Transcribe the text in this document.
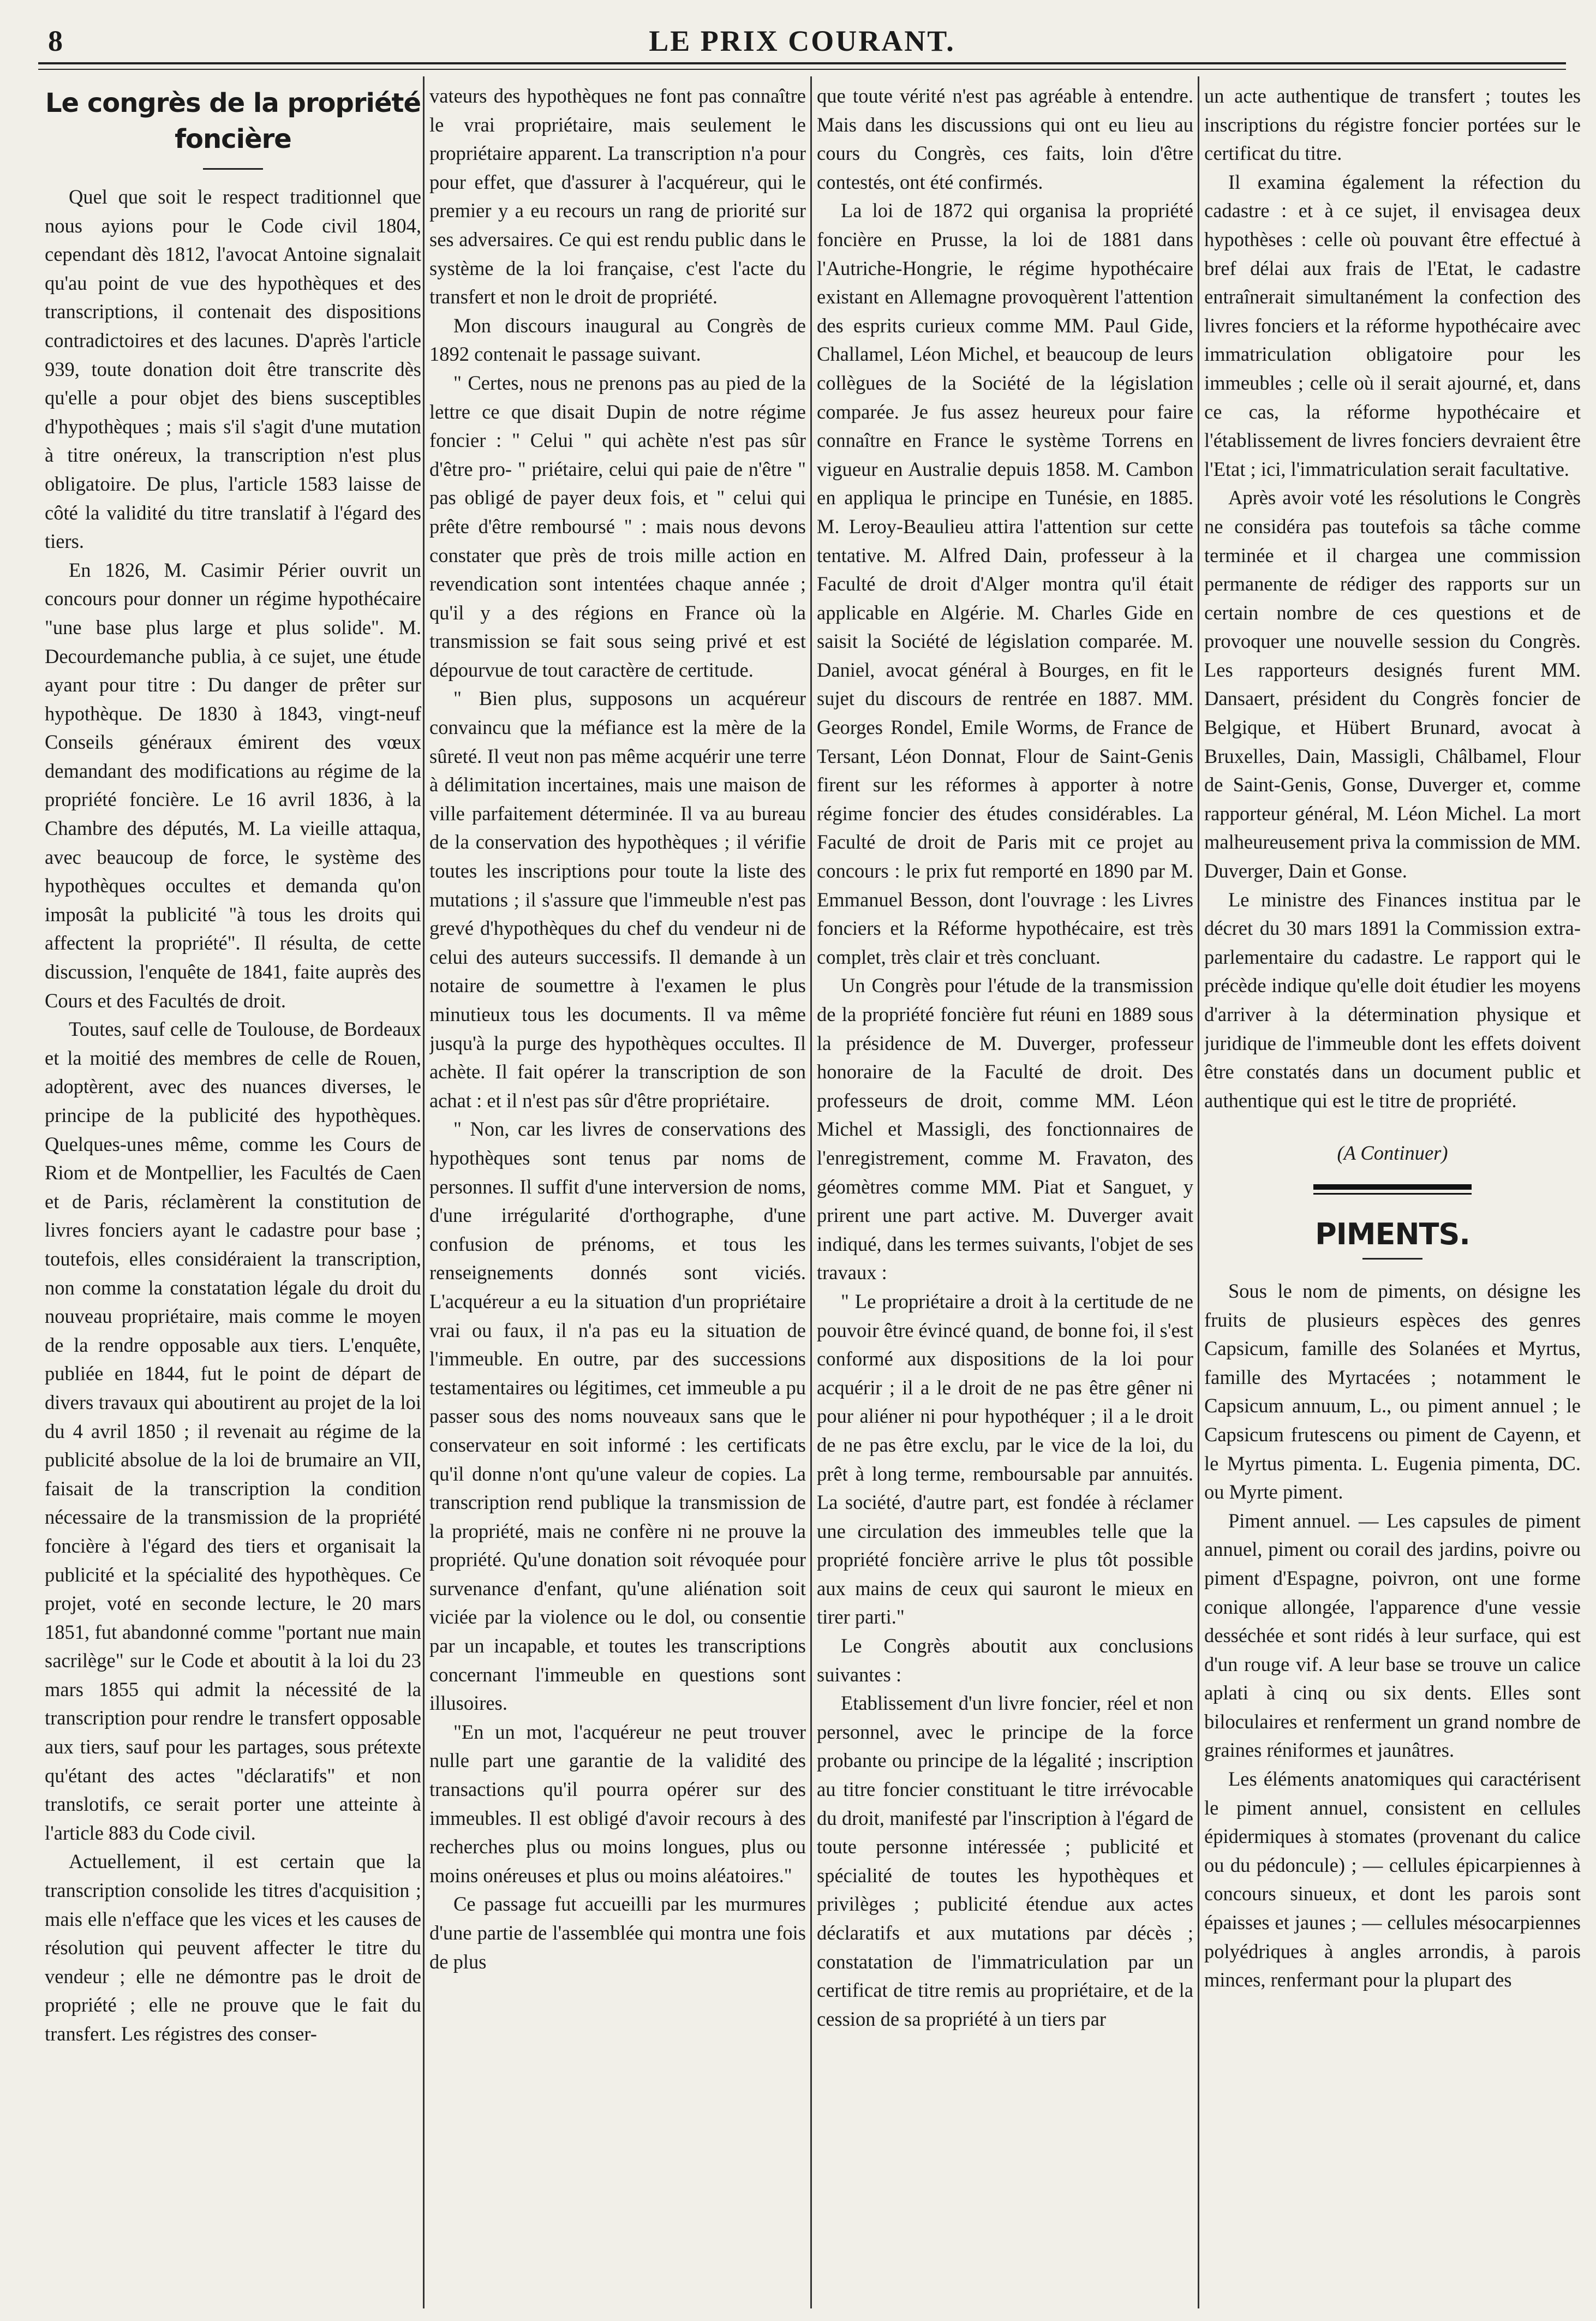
8	LE PRIX COURANT.
Le congrès de la propriété foncière

Quel que soit le respect traditionnel que nous ayions pour le Code civil 1804, cependant dès 1812, l'avocat Antoine signalait qu'au point de vue des hypothèques et des transcriptions, il contenait des dispositions contradictoires et des lacunes. D'après l'article 939, toute donation doit être transcrite dès qu'elle a pour objet des biens susceptibles d'hypothèques ; mais s'il s'agit d'une mutation à titre onéreux, la transcription n'est plus obligatoire. De plus, l'article 1583 laisse de côté la validité du titre translatif à l'égard des tiers.

En 1826, M. Casimir Périer ouvrit un concours pour donner un régime hypothécaire "une base plus large et plus solide". M. Decourdemanche publia, à ce sujet, une étude ayant pour titre : Du danger de prêter sur hypothèque. De 1830 à 1843, vingt-neuf Conseils généraux émirent des vœux demandant des modifications au régime de la propriété foncière. Le 16 avril 1836, à la Chambre des députés, M. La vieille attaqua, avec beaucoup de force, le système des hypothèques occultes et demanda qu'on imposât la publicité "à tous les droits qui affectent la propriété". Il résulta, de cette discussion, l'enquête de 1841, faite auprès des Cours et des Facultés de droit.

Toutes, sauf celle de Toulouse, de Bordeaux et la moitié des membres de celle de Rouen, adoptèrent, avec des nuances diverses, le principe de la publicité des hypothèques. Quelques-unes même, comme les Cours de Riom et de Montpellier, les Facultés de Caen et de Paris, réclamèrent la constitution de livres fonciers ayant le cadastre pour base ; toutefois, elles considéraient la transcription, non comme la constatation légale du droit du nouveau propriétaire, mais comme le moyen de la rendre opposable aux tiers. L'enquête, publiée en 1844, fut le point de départ de divers travaux qui aboutirent au projet de la loi du 4 avril 1850 ; il revenait au régime de la publicité absolue de la loi de brumaire an VII, faisait de la transcription la condition nécessaire de la transmission de la propriété foncière à l'égard des tiers et organisait la publicité et la spécialité des hypothèques. Ce projet, voté en seconde lecture, le 20 mars 1851, fut abandonné comme "portant nue main sacrilège" sur le Code et aboutit à la loi du 23 mars 1855 qui admit la nécessité de la transcription pour rendre le transfert opposable aux tiers, sauf pour les partages, sous prétexte qu'étant des actes "déclaratifs" et non translotifs, ce serait porter une atteinte à l'article 883 du Code civil.

Actuellement, il est certain que la transcription consolide les titres d'acquisition ; mais elle n'efface que les vices et les causes de résolution qui peuvent affecter le titre du vendeur ; elle ne démontre pas le droit de propriété ; elle ne prouve que le fait du transfert. Les régistres des conser-

vateurs des hypothèques ne font pas connaître le vrai propriétaire, mais seulement le propriétaire apparent. La transcription n'a pour pour effet, que d'assurer à l'acquéreur, qui le premier y a eu recours un rang de priorité sur ses adversaires. Ce qui est rendu public dans le système de la loi française, c'est l'acte du transfert et non le droit de propriété.

Mon discours inaugural au Congrès de 1892 contenait le passage suivant.

" Certes, nous ne prenons pas au pied de la lettre ce que disait Dupin de notre régime foncier : " Celui " qui achète n'est pas sûr d'être pro- " priétaire, celui qui paie de n'être " pas obligé de payer deux fois, et " celui qui prête d'être remboursé " : mais nous devons constater que près de trois mille action en revendication sont intentées chaque année ; qu'il y a des régions en France où la transmission se fait sous seing privé et est dépourvue de tout caractère de certitude.

" Bien plus, supposons un acquéreur convaincu que la méfiance est la mère de la sûreté. Il veut non pas même acquérir une terre à délimitation incertaines, mais une maison de ville parfaitement déterminée. Il va au bureau de la conservation des hypothèques ; il vérifie toutes les inscriptions pour toute la liste des mutations ; il s'assure que l'immeuble n'est pas grevé d'hypothèques du chef du vendeur ni de celui des auteurs successifs. Il demande à un notaire de soumettre à l'examen le plus minutieux tous les documents. Il va même jusqu'à la purge des hypothèques occultes. Il achète. Il fait opérer la transcription de son achat : et il n'est pas sûr d'être propriétaire.

" Non, car les livres de conservations des hypothèques sont tenus par noms de personnes. Il suffit d'une interversion de noms, d'une irrégularité d'orthographe, d'une confusion de prénoms, et tous les renseignements donnés sont viciés. L'acquéreur a eu la situation d'un propriétaire vrai ou faux, il n'a pas eu la situation de l'immeuble. En outre, par des successions testamentaires ou légitimes, cet immeuble a pu passer sous des noms nouveaux sans que le conservateur en soit informé : les certificats qu'il donne n'ont qu'une valeur de copies. La transcription rend publique la transmission de la propriété, mais ne confère ni ne prouve la propriété. Qu'une donation soit révoquée pour survenance d'enfant, qu'une aliénation soit viciée par la violence ou le dol, ou consentie par un incapable, et toutes les transcriptions concernant l'immeuble en questions sont illusoires.

"En un mot, l'acquéreur ne peut trouver nulle part une garantie de la validité des transactions qu'il pourra opérer sur des immeubles. Il est obligé d'avoir recours à des recherches plus ou moins longues, plus ou moins onéreuses et plus ou moins aléatoires."

Ce passage fut accueilli par les murmures d'une partie de l'assemblée qui montra une fois de plus

que toute vérité n'est pas agréable à entendre. Mais dans les discussions qui ont eu lieu au cours du Congrès, ces faits, loin d'être contestés, ont été confirmés.

La loi de 1872 qui organisa la propriété foncière en Prusse, la loi de 1881 dans l'Autriche-Hongrie, le régime hypothécaire existant en Allemagne provoquèrent l'attention des esprits curieux comme MM. Paul Gide, Challamel, Léon Michel, et beaucoup de leurs collègues de la Société de la législation comparée. Je fus assez heureux pour faire connaître en France le système Torrens en vigueur en Australie depuis 1858. M. Cambon en appliqua le principe en Tunésie, en 1885. M. Leroy-Beaulieu attira l'attention sur cette tentative. M. Alfred Dain, professeur à la Faculté de droit d'Alger montra qu'il était applicable en Algérie. M. Charles Gide en saisit la Société de législation comparée. M. Daniel, avocat général à Bourges, en fit le sujet du discours de rentrée en 1887. MM. Georges Rondel, Emile Worms, de France de Tersant, Léon Donnat, Flour de Saint-Genis firent sur les réformes à apporter à notre régime foncier des études considérables. La Faculté de droit de Paris mit ce projet au concours : le prix fut remporté en 1890 par M. Emmanuel Besson, dont l'ouvrage : les Livres fonciers et la Réforme hypothécaire, est très complet, très clair et très concluant.

Un Congrès pour l'étude de la transmission de la propriété foncière fut réuni en 1889 sous la présidence de M. Duverger, professeur honoraire de la Faculté de droit. Des professeurs de droit, comme MM. Léon Michel et Massigli, des fonctionnaires de l'enregistrement, comme M. Fravaton, des géomètres comme MM. Piat et Sanguet, y prirent une part active. M. Duverger avait indiqué, dans les termes suivants, l'objet de ses travaux :

" Le propriétaire a droit à la certitude de ne pouvoir être évincé quand, de bonne foi, il s'est conformé aux dispositions de la loi pour acquérir ; il a le droit de ne pas être gêner ni pour aliéner ni pour hypothéquer ; il a le droit de ne pas être exclu, par le vice de la loi, du prêt à long terme, remboursable par annuités. La société, d'autre part, est fondée à réclamer une circulation des immeubles telle que la propriété foncière arrive le plus tôt possible aux mains de ceux qui sauront le mieux en tirer parti."

Le Congrès aboutit aux conclusions suivantes :

Etablissement d'un livre foncier, réel et non personnel, avec le principe de la force probante ou principe de la légalité ; inscription au titre foncier constituant le titre irrévocable du droit, manifesté par l'inscription à l'égard de toute personne intéressée ; publicité et spécialité de toutes les hypothèques et privilèges ; publicité étendue aux actes déclaratifs et aux mutations par décès ; constatation de l'immatriculation par un certificat de titre remis au propriétaire, et de la cession de sa propriété à un tiers par

un acte authentique de transfert ; toutes les inscriptions du régistre foncier portées sur le certificat du titre.

Il examina également la réfection du cadastre : et à ce sujet, il envisagea deux hypothèses : celle où pouvant être effectué à bref délai aux frais de l'Etat, le cadastre entraînerait simultanément la confection des livres fonciers et la réforme hypothécaire avec immatriculation obligatoire pour les immeubles ; celle où il serait ajourné, et, dans ce cas, la réforme hypothécaire et l'établissement de livres fonciers devraient être l'Etat ; ici, l'immatriculation serait facultative.

Après avoir voté les résolutions le Congrès ne considéra pas toutefois sa tâche comme terminée et il chargea une commission permanente de rédiger des rapports sur un certain nombre de ces questions et de provoquer une nouvelle session du Congrès. Les rapporteurs designés furent MM. Dansaert, président du Congrès foncier de Belgique, et Hübert Brunard, avocat à Bruxelles, Dain, Massigli, Châlbamel, Flour de Saint-Genis, Gonse, Duverger et, comme rapporteur général, M. Léon Michel. La mort malheureusement priva la commission de MM. Duverger, Dain et Gonse.

Le ministre des Finances institua par le décret du 30 mars 1891 la Commission extra-parlementaire du cadastre. Le rapport qui le précède indique qu'elle doit étudier les moyens d'arriver à la détermination physique et juridique de l'immeuble dont les effets doivent être constatés dans un document public et authentique qui est le titre de propriété.

(A Continuer)
PIMENTS.

Sous le nom de piments, on désigne les fruits de plusieurs espèces des genres Capsicum, famille des Solanées et Myrtus, famille des Myrtacées ; notamment le Capsicum annuum, L., ou piment annuel ; le Capsicum frutescens ou piment de Cayenn, et le Myrtus pimenta. L. Eugenia pimenta, DC. ou Myrte piment.

Piment annuel. — Les capsules de piment annuel, piment ou corail des jardins, poivre ou piment d'Espagne, poivron, ont une forme conique allongée, l'apparence d'une vessie desséchée et sont ridés à leur surface, qui est d'un rouge vif. A leur base se trouve un calice aplati à cinq ou six dents. Elles sont biloculaires et renferment un grand nombre de graines réniformes et jaunâtres.

Les éléments anatomiques qui caractérisent le piment annuel, consistent en cellules épidermiques à stomates (provenant du calice ou du pédoncule) ; — cellules épicarpiennes à concours sinueux, et dont les parois sont épaisses et jaunes ; — cellules mésocarpiennes polyédriques à angles arrondis, à parois minces, renfermant pour la plupart des
